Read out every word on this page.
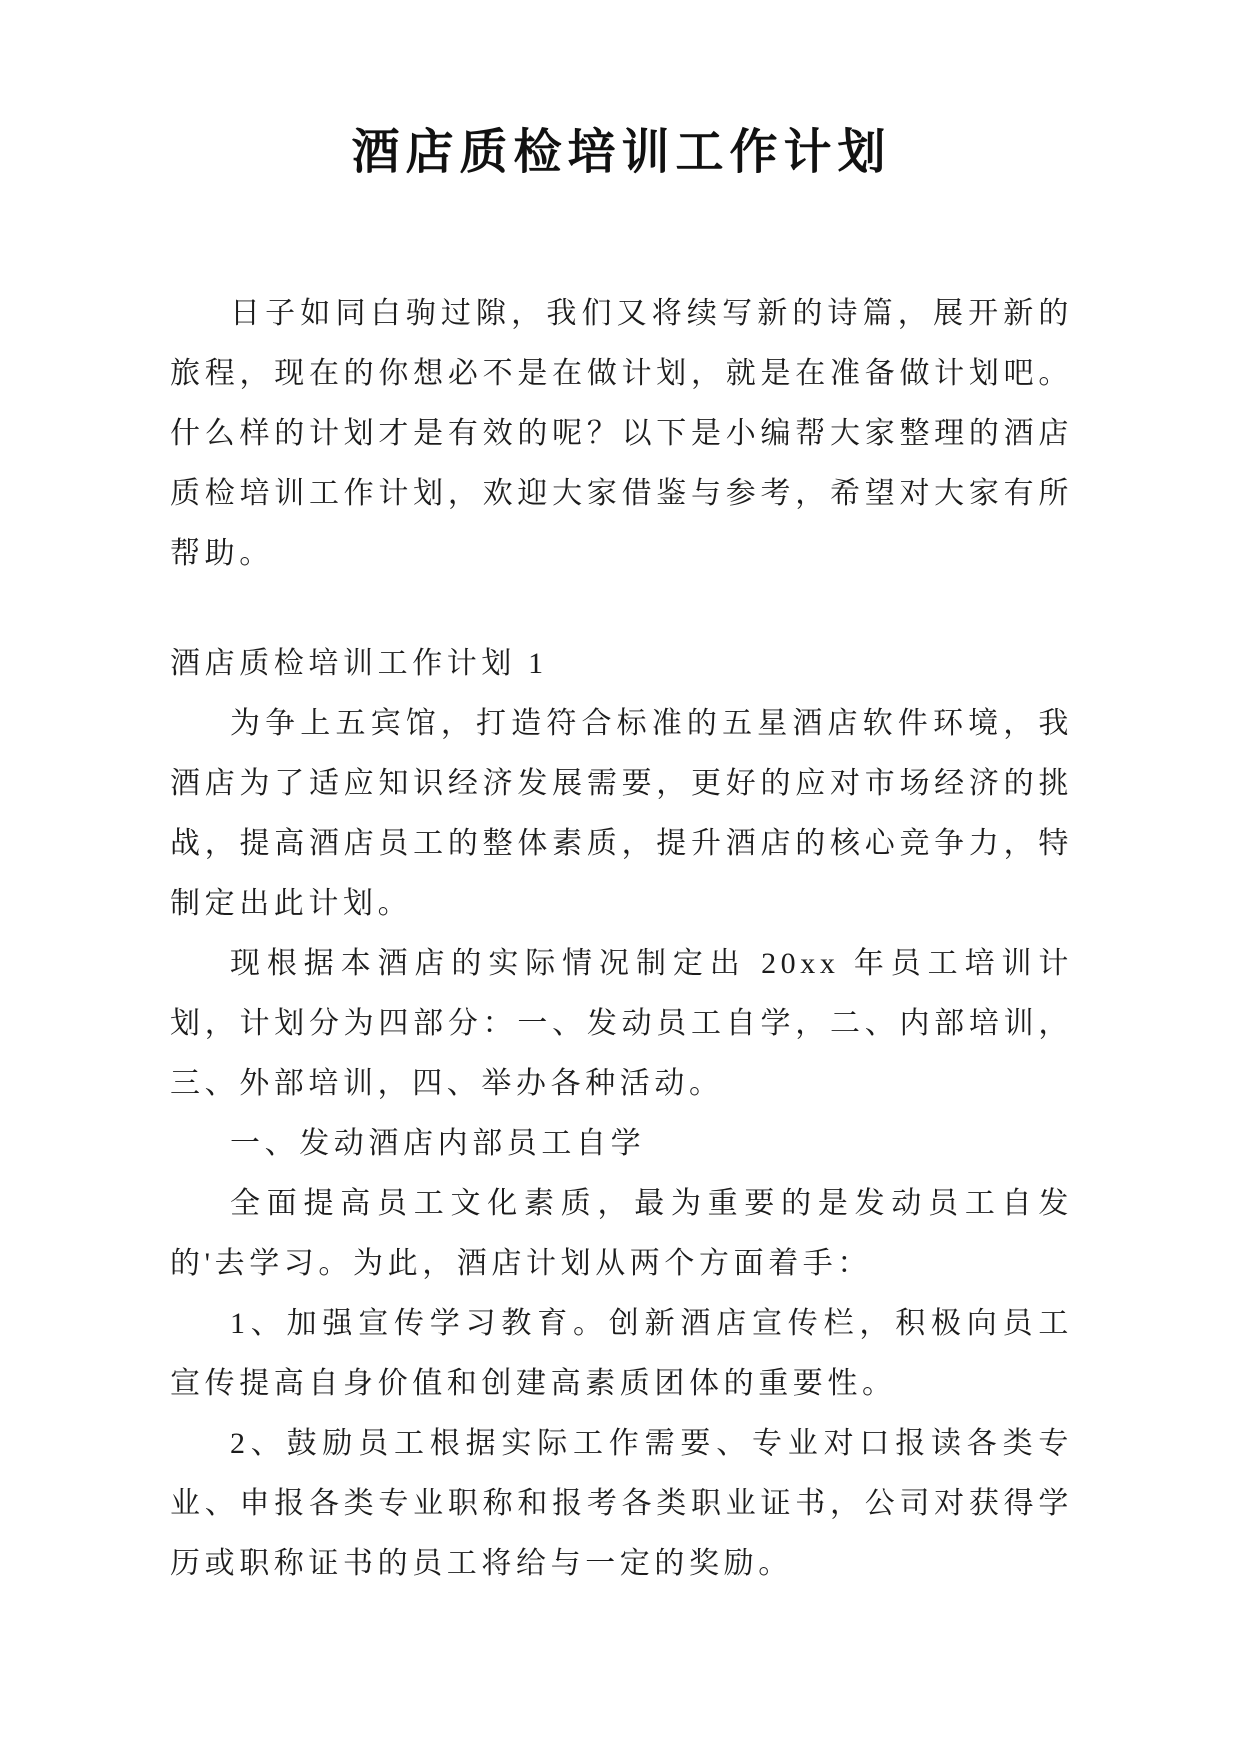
酒店质检培训工作计划

日子如同白驹过隙，我们又将续写新的诗篇，展开新的旅程，现在的你想必不是在做计划，就是在准备做计划吧。什么样的计划才是有效的呢？以下是小编帮大家整理的酒店质检培训工作计划，欢迎大家借鉴与参考，希望对大家有所帮助。

酒店质检培训工作计划 1

为争上五宾馆，打造符合标准的五星酒店软件环境，我酒店为了适应知识经济发展需要，更好的应对市场经济的挑战，提高酒店员工的整体素质，提升酒店的核心竞争力，特制定出此计划。

现根据本酒店的实际情况制定出 20xx 年员工培训计划，计划分为四部分：一、发动员工自学，二、内部培训，三、外部培训，四、举办各种活动。

一、发动酒店内部员工自学

全面提高员工文化素质，最为重要的是发动员工自发的'去学习。为此，酒店计划从两个方面着手：

1、加强宣传学习教育。创新酒店宣传栏，积极向员工宣传提高自身价值和创建高素质团体的重要性。

2、鼓励员工根据实际工作需要、专业对口报读各类专业、申报各类专业职称和报考各类职业证书，公司对获得学历或职称证书的员工将给与一定的奖励。
